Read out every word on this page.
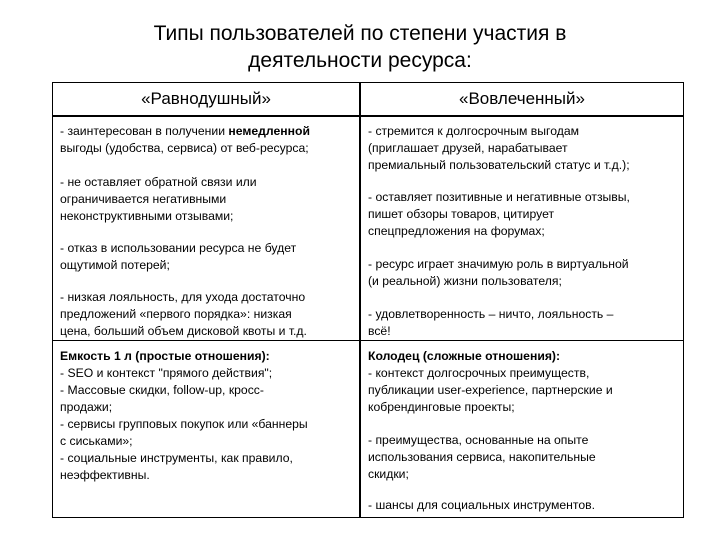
Типы пользователей по степени участия в
деятельности ресурса:
«Равнодушный»	«Вовлеченный»
- заинтересован в получении немедленной
выгоды (удобства, сервиса) от веб-ресурса;
- не оставляет обратной связи или
ограничивается негативными
неконструктивными отзывами;
- отказ в использовании ресурса не будет
ощутимой потерей;
- низкая лояльность, для ухода достаточно
предложений «первого порядка»: низкая
цена, больший объем дисковой квоты и т.д.
- стремится к долгосрочным выгодам
(приглашает друзей, нарабатывает
премиальный пользовательский статус и т.д.);
- оставляет позитивные и негативные отзывы,
пишет обзоры товаров, цитирует
спецпредложения на форумах;
- ресурс играет значимую роль в виртуальной
(и реальной) жизни пользователя;
- удовлетворенность – ничто, лояльность –
всё!
Емкость 1 л (простые отношения):
- SEO и контекст "прямого действия";
- Массовые скидки, follow-up, кросс-
продажи;
- сервисы групповых покупок или «баннеры
с сиськами»;
- социальные инструменты, как правило,
неэффективны.
Колодец (сложные отношения):
- контекст долгосрочных преимуществ,
публикации user-experience, партнерские и
кобрендинговые проекты;
- преимущества, основанные на опыте
использования сервиса, накопительные
скидки;
- шансы для социальных инструментов.
